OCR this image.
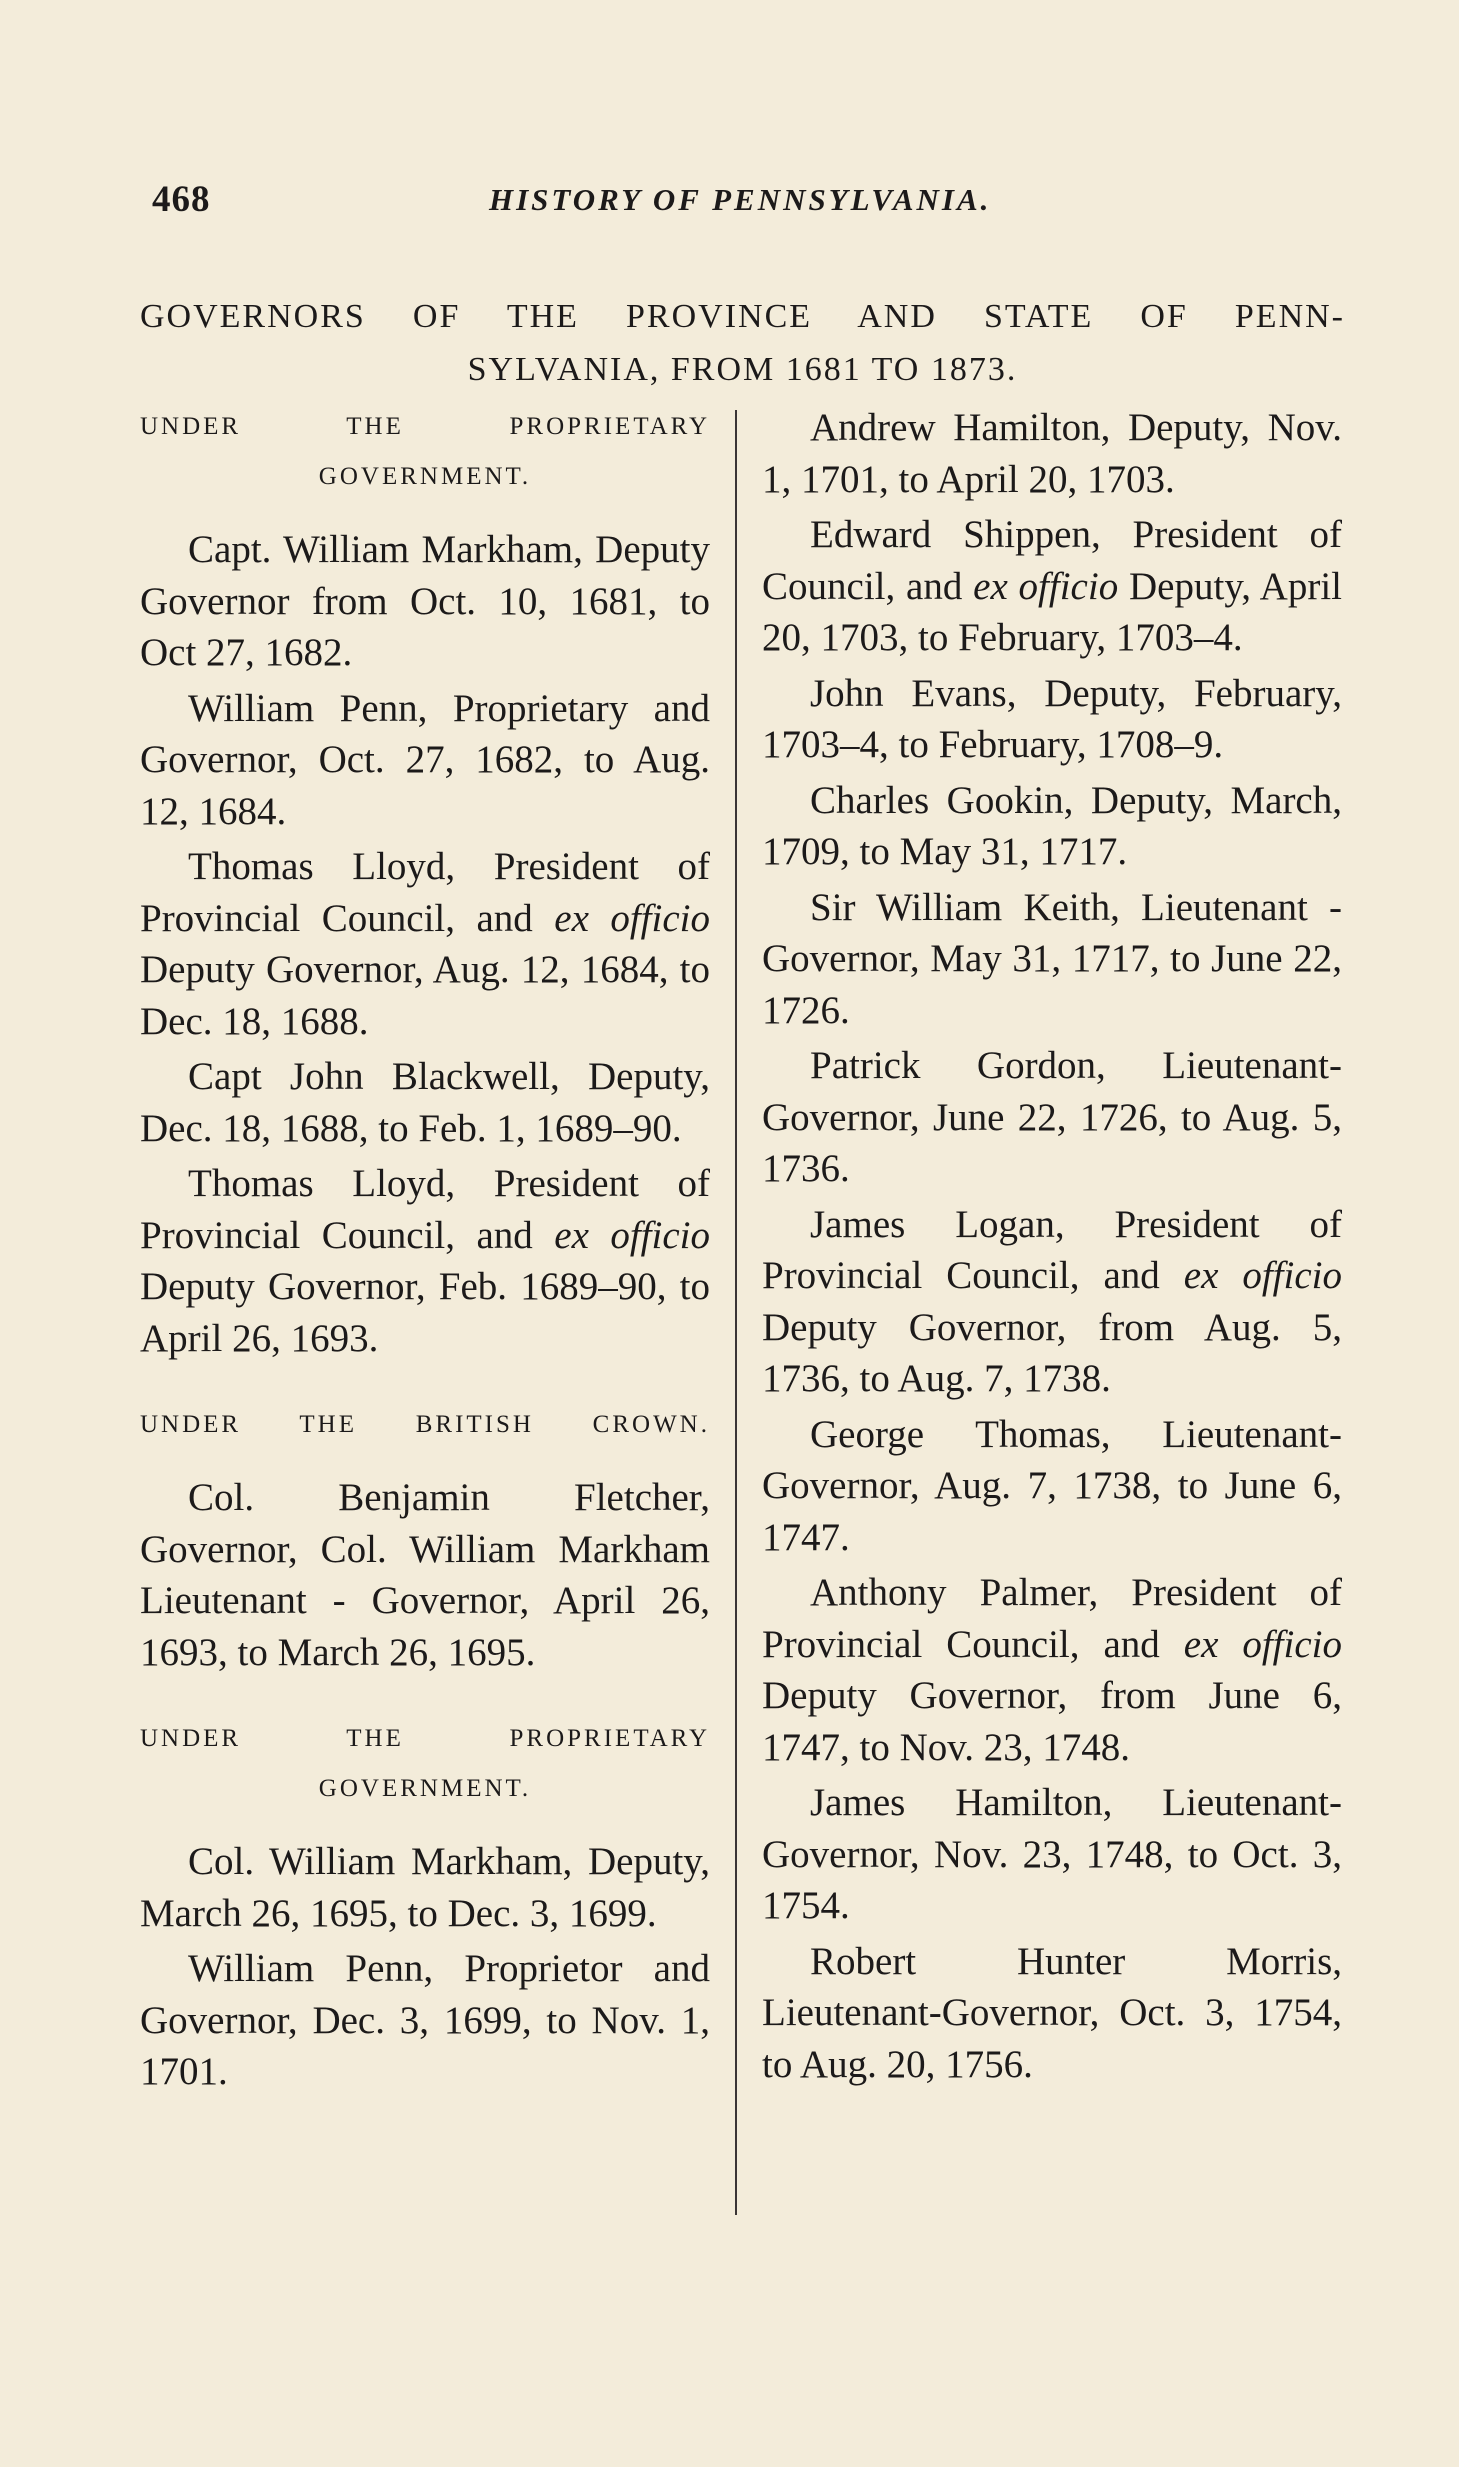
468	HISTORY OF PENNSYLVANIA.
GOVERNORS OF THE PROVINCE AND STATE OF PENN-
SYLVANIA, FROM 1681 TO 1873.
UNDER THE PROPRIETARY
GOVERNMENT.

Capt. William Markham, Deputy Governor from Oct. 10, 1681, to Oct 27, 1682.

William Penn, Proprietary and Governor, Oct. 27, 1682, to Aug. 12, 1684.

Thomas Lloyd, President of Provincial Council, and ex officio Deputy Governor, Aug. 12, 1684, to Dec. 18, 1688.

Capt John Blackwell, Deputy, Dec. 18, 1688, to Feb. 1, 1689–90.

Thomas Lloyd, President of Provincial Council, and ex officio Deputy Governor, Feb. 1689–90, to April 26, 1693.

UNDER THE BRITISH CROWN.

Col. Benjamin Fletcher, Governor, Col. William Markham Lieutenant - Governor, April 26, 1693, to March 26, 1695.

UNDER THE PROPRIETARY
GOVERNMENT.

Col. William Markham, Deputy, March 26, 1695, to Dec. 3, 1699.

William Penn, Proprietor and Governor, Dec. 3, 1699, to Nov. 1, 1701.

Andrew Hamilton, Deputy, Nov. 1, 1701, to April 20, 1703.

Edward Shippen, President of Council, and ex officio Deputy, April 20, 1703, to February, 1703–4.

John Evans, Deputy, February, 1703–4, to February, 1708–9.

Charles Gookin, Deputy, March, 1709, to May 31, 1717.

Sir William Keith, Lieutenant - Governor, May 31, 1717, to June 22, 1726.

Patrick Gordon, Lieutenant-Governor, June 22, 1726, to Aug. 5, 1736.

James Logan, President of Provincial Council, and ex officio Deputy Governor, from Aug. 5, 1736, to Aug. 7, 1738.

George Thomas, Lieutenant-Governor, Aug. 7, 1738, to June 6, 1747.

Anthony Palmer, President of Provincial Council, and ex officio Deputy Governor, from June 6, 1747, to Nov. 23, 1748.

James Hamilton, Lieutenant-Governor, Nov. 23, 1748, to Oct. 3, 1754.

Robert Hunter Morris, Lieutenant-Governor, Oct. 3, 1754, to Aug. 20, 1756.
